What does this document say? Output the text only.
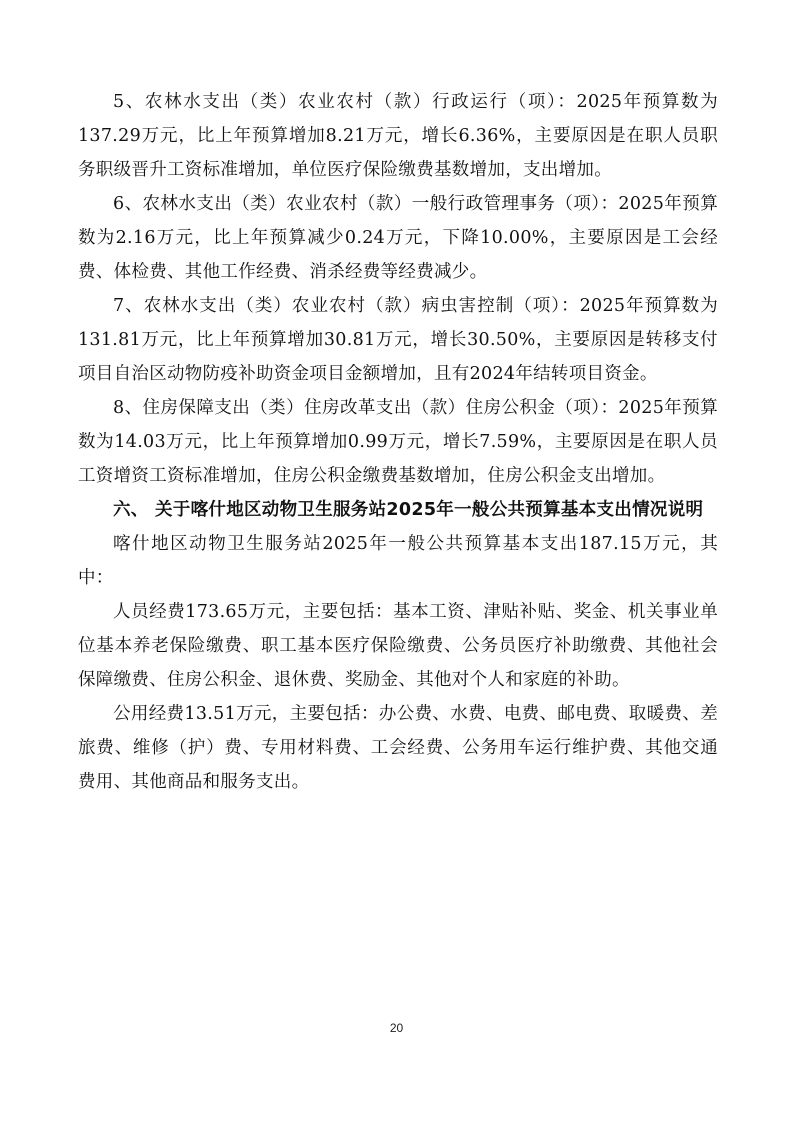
5、农林水支出（类）农业农村（款）行政运行（项）：2025年预算数为137.29万元，比上年预算增加8.21万元，增长6.36%，主要原因是在职人员职务职级晋升工资标准增加，单位医疗保险缴费基数增加，支出增加。

6、农林水支出（类）农业农村（款）一般行政管理事务（项）：2025年预算数为2.16万元，比上年预算减少0.24万元，下降10.00%，主要原因是工会经费、体检费、其他工作经费、消杀经费等经费减少。

7、农林水支出（类）农业农村（款）病虫害控制（项）：2025年预算数为131.81万元，比上年预算增加30.81万元，增长30.50%，主要原因是转移支付项目自治区动物防疫补助资金项目金额增加，且有2024年结转项目资金。

8、住房保障支出（类）住房改革支出（款）住房公积金（项）：2025年预算数为14.03万元，比上年预算增加0.99万元，增长7.59%，主要原因是在职人员工资增资工资标准增加，住房公积金缴费基数增加，住房公积金支出增加。

六、 关于喀什地区动物卫生服务站2025年一般公共预算基本支出情况说明

喀什地区动物卫生服务站2025年一般公共预算基本支出187.15万元，其中：

人员经费173.65万元，主要包括：基本工资、津贴补贴、奖金、机关事业单位基本养老保险缴费、职工基本医疗保险缴费、公务员医疗补助缴费、其他社会保障缴费、住房公积金、退休费、奖励金、其他对个人和家庭的补助。

公用经费13.51万元，主要包括：办公费、水费、电费、邮电费、取暖费、差旅费、维修（护）费、专用材料费、工会经费、公务用车运行维护费、其他交通费用、其他商品和服务支出。

20
